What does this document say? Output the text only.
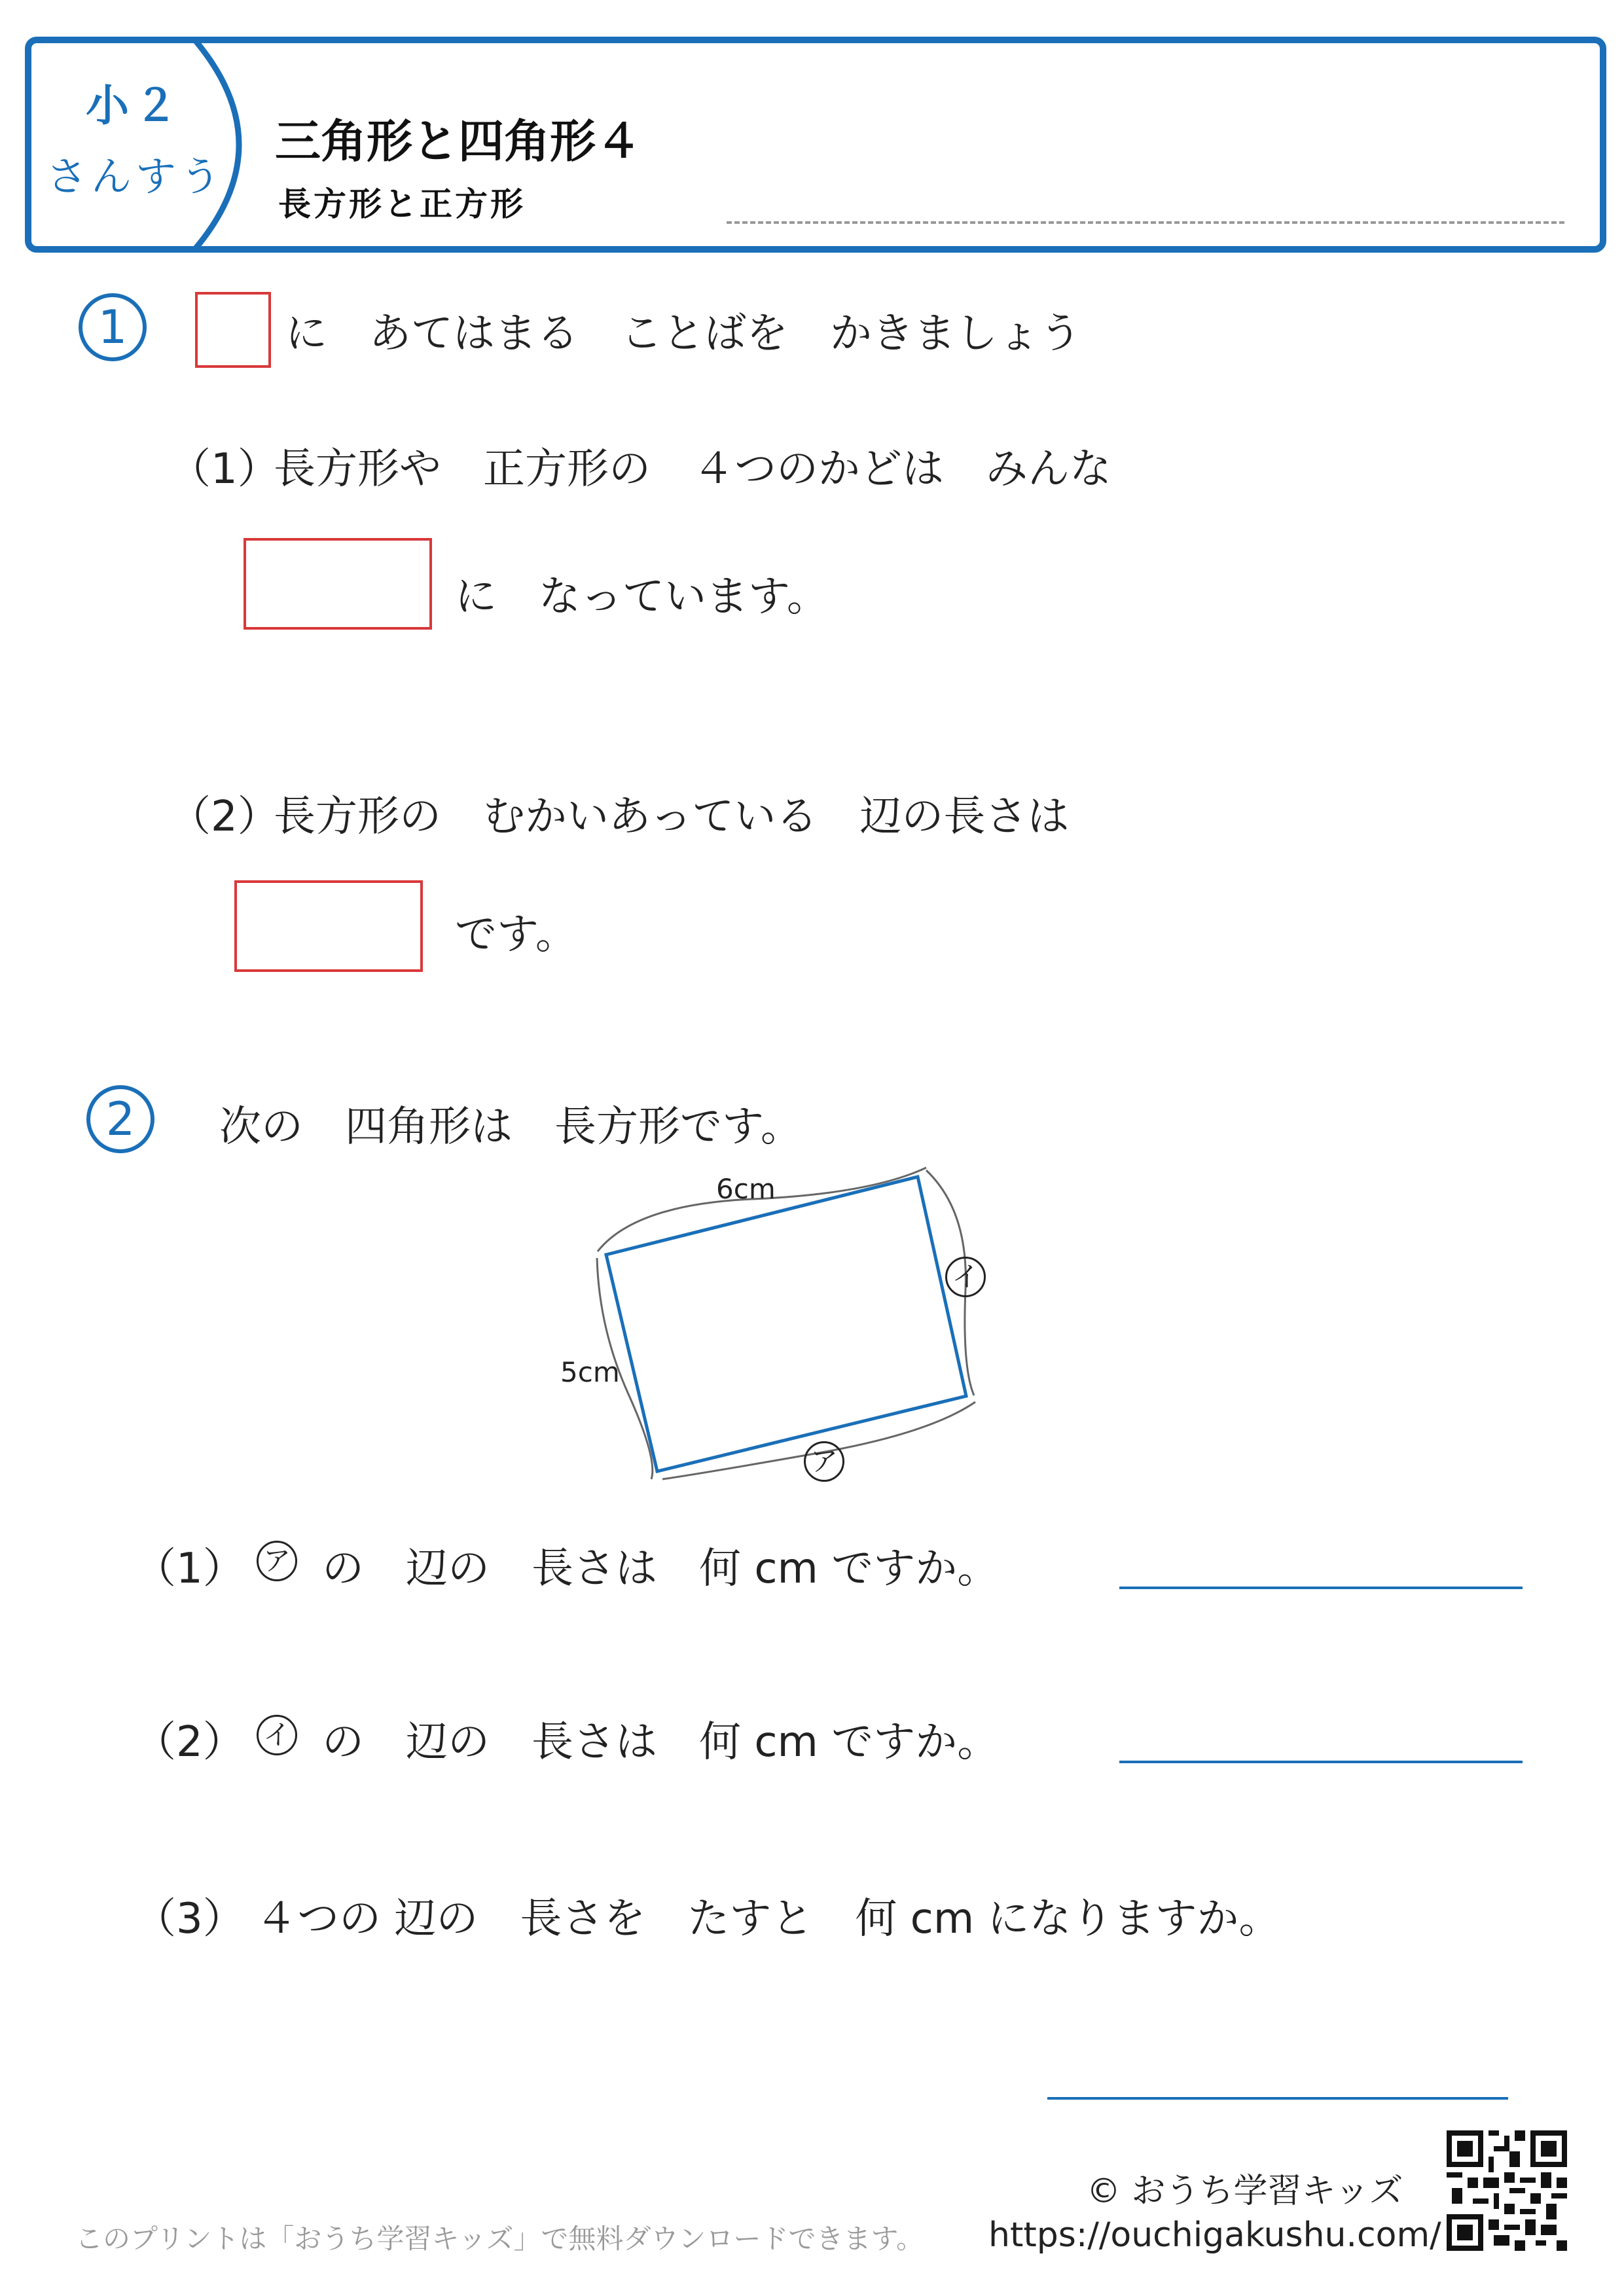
小２
さんすう
三角形と四角形４
長方形と正方形
1	に　あてはまる　ことばを　かきましょう
（1）
長方形や　正方形の　４つのかどは　みんな
に　なっています。
（2）
長方形の　むかいあっている　辺の長さは
です。
2	次の　四角形は　長方形です。
6cm
5cm
イ
ア
（1） ア の　辺の　長さは　何 cm ですか。
（2） イ の　辺の　長さは　何 cm ですか。
（3） ４つの 辺の　長さを　たすと　何 cm になりますか。
このプリントは「おうち学習キッズ」で無料ダウンロードできます。
© おうち学習キッズ
https://ouchigakushu.com/
